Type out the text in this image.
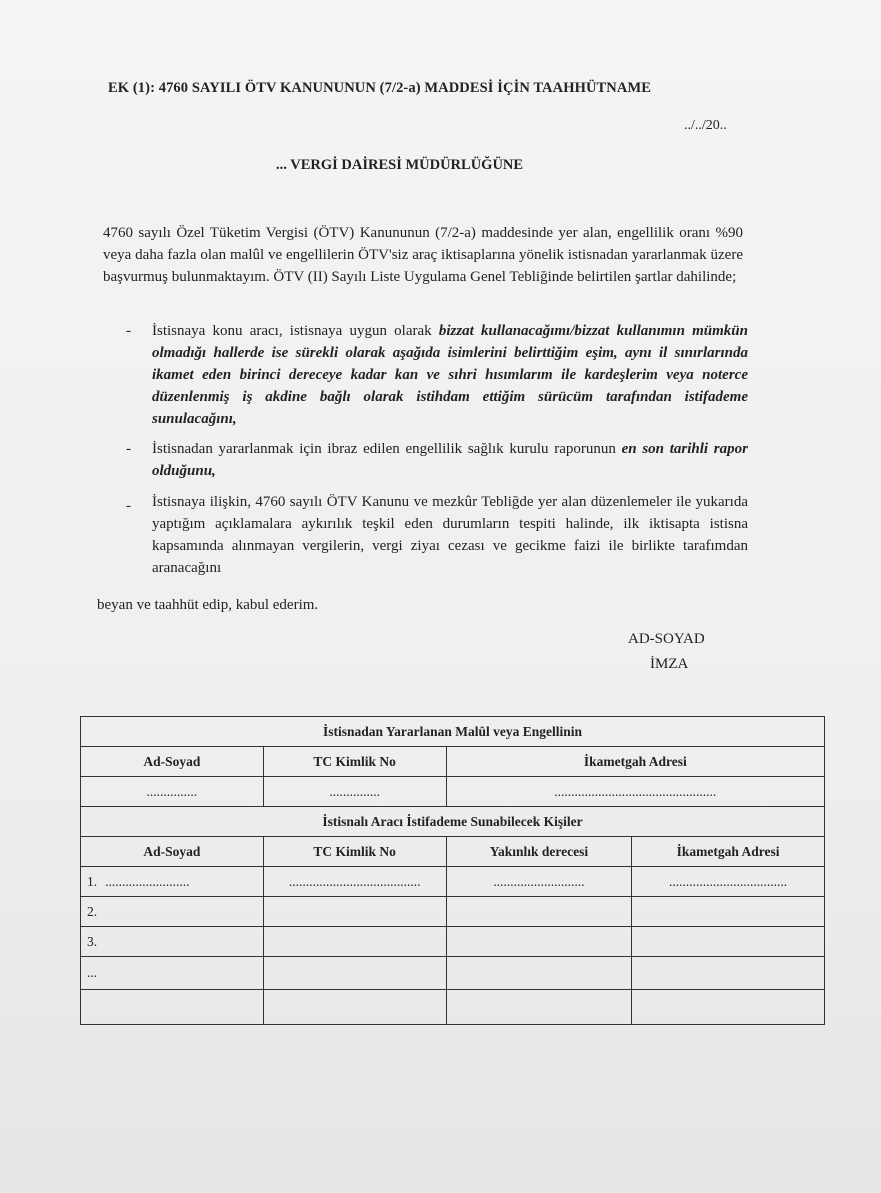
EK (1): 4760 SAYILI ÖTV KANUNUNUN (7/2-a) MADDESİ İÇİN TAAHHÜTNAME
../../20..
... VERGİ DAİRESİ MÜDÜRLÜĞÜNE
4760 sayılı Özel Tüketim Vergisi (ÖTV) Kanununun (7/2-a) maddesinde yer alan, engellilik oranı %90 veya daha fazla olan malûl ve engellilerin ÖTV'siz araç iktisaplarına yönelik istisnadan yararlanmak üzere başvurmuş bulunmaktayım. ÖTV (II) Sayılı Liste Uygulama Genel Tebliğinde belirtilen şartlar dahilinde;
- İstisnaya konu aracı, istisnaya uygun olarak bizzat kullanacağımı/bizzat kullanımın mümkün olmadığı hallerde ise sürekli olarak aşağıda isimlerini belirttiğim eşim, aynı il sınırlarında ikamet eden birinci dereceye kadar kan ve sıhri hısımlarım ile kardeşlerim veya noterce düzenlenmiş iş akdine bağlı olarak istihdam ettiğim sürücüm tarafından istifademe sunulacağını,
- İstisnadan yararlanmak için ibraz edilen engellilik sağlık kurulu raporunun en son tarihli rapor olduğunu,
- İstisnaya ilişkin, 4760 sayılı ÖTV Kanunu ve mezkûr Tebliğde yer alan düzenlemeler ile yukarıda yaptığım açıklamalara aykırılık teşkil eden durumların tespiti halinde, ilk iktisapta istisna kapsamında alınmayan vergilerin, vergi ziyaı cezası ve gecikme faizi ile birlikte tarafımdan aranacağını
beyan ve taahhüt edip, kabul ederim.
AD-SOYAD
İMZA
İstisnadan Yararlanan Malûl veya Engellinin			
Ad-Soyad	TC Kimlik No	İkametgah Adresi	
...............	...............	................................................	
İstisnalı Aracı İstifademe Sunabilecek Kişiler			
Ad-Soyad	TC Kimlik No	Yakınlık derecesi	İkametgah Adresi

1. .........................	.......................................	...........................	...................................
2.			
3.			
...			
